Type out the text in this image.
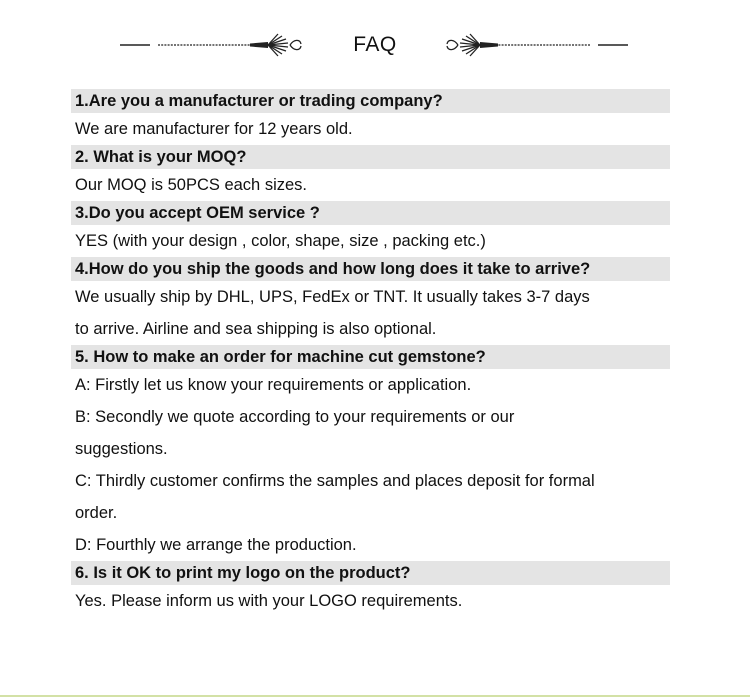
FAQ
1.Are you a manufacturer or trading company?
We are manufacturer for 12 years old.
2. What is your MOQ?
Our MOQ is 50PCS each sizes.
3.Do you accept OEM service ?
YES (with your design , color, shape, size , packing etc.)
4.How do you ship the goods and how long does it take to arrive?
We usually ship by DHL, UPS, FedEx or TNT. It usually takes 3-7 days
to arrive. Airline and sea shipping is also optional.
5. How to make an order for machine cut gemstone?
A: Firstly let us know your requirements or application.
B: Secondly we quote according to your requirements or our
suggestions.
C: Thirdly customer confirms the samples and places deposit for formal
order.
D: Fourthly we arrange the production.
6. Is it OK to print my logo on the product?
Yes. Please inform us with your LOGO requirements.
